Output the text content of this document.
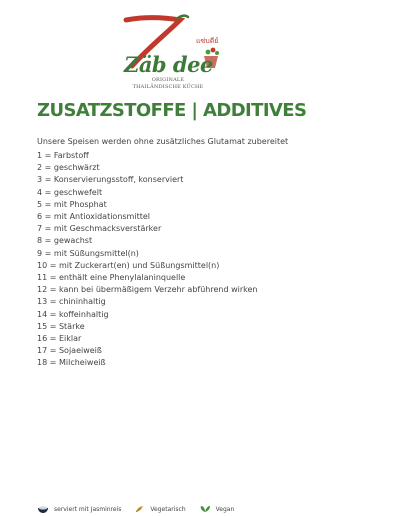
แซ่บดีย์
Zäb dee
ORIGINALE
THAILÄNDISCHE KÜCHE
ZUSATZSTOFFE | ADDITIVES
Unsere Speisen werden ohne zusätzliches Glutamat zubereitet
1 = Farbstoff
2 = geschwärzt
3 = Konservierungsstoff, konserviert
4 = geschwefelt
5 = mit Phosphat
6 = mit Antioxidationsmittel
7 = mit Geschmacksverstärker
8 = gewachst
9 = mit Süßungsmittel(n)
10 = mit Zuckerart(en) und Süßungsmittel(n)
11 = enthält eine Phenylalaninquelle
12 = kann bei übermäßigem Verzehr abführend wirken
13 = chininhaltig
14 = koffeinhaltig
15 = Stärke
16 = Eiklar
17 = Sojaeiweiß
18 = Milcheiweiß
serviert mit Jasminreis	Vegetarisch	Vegan
